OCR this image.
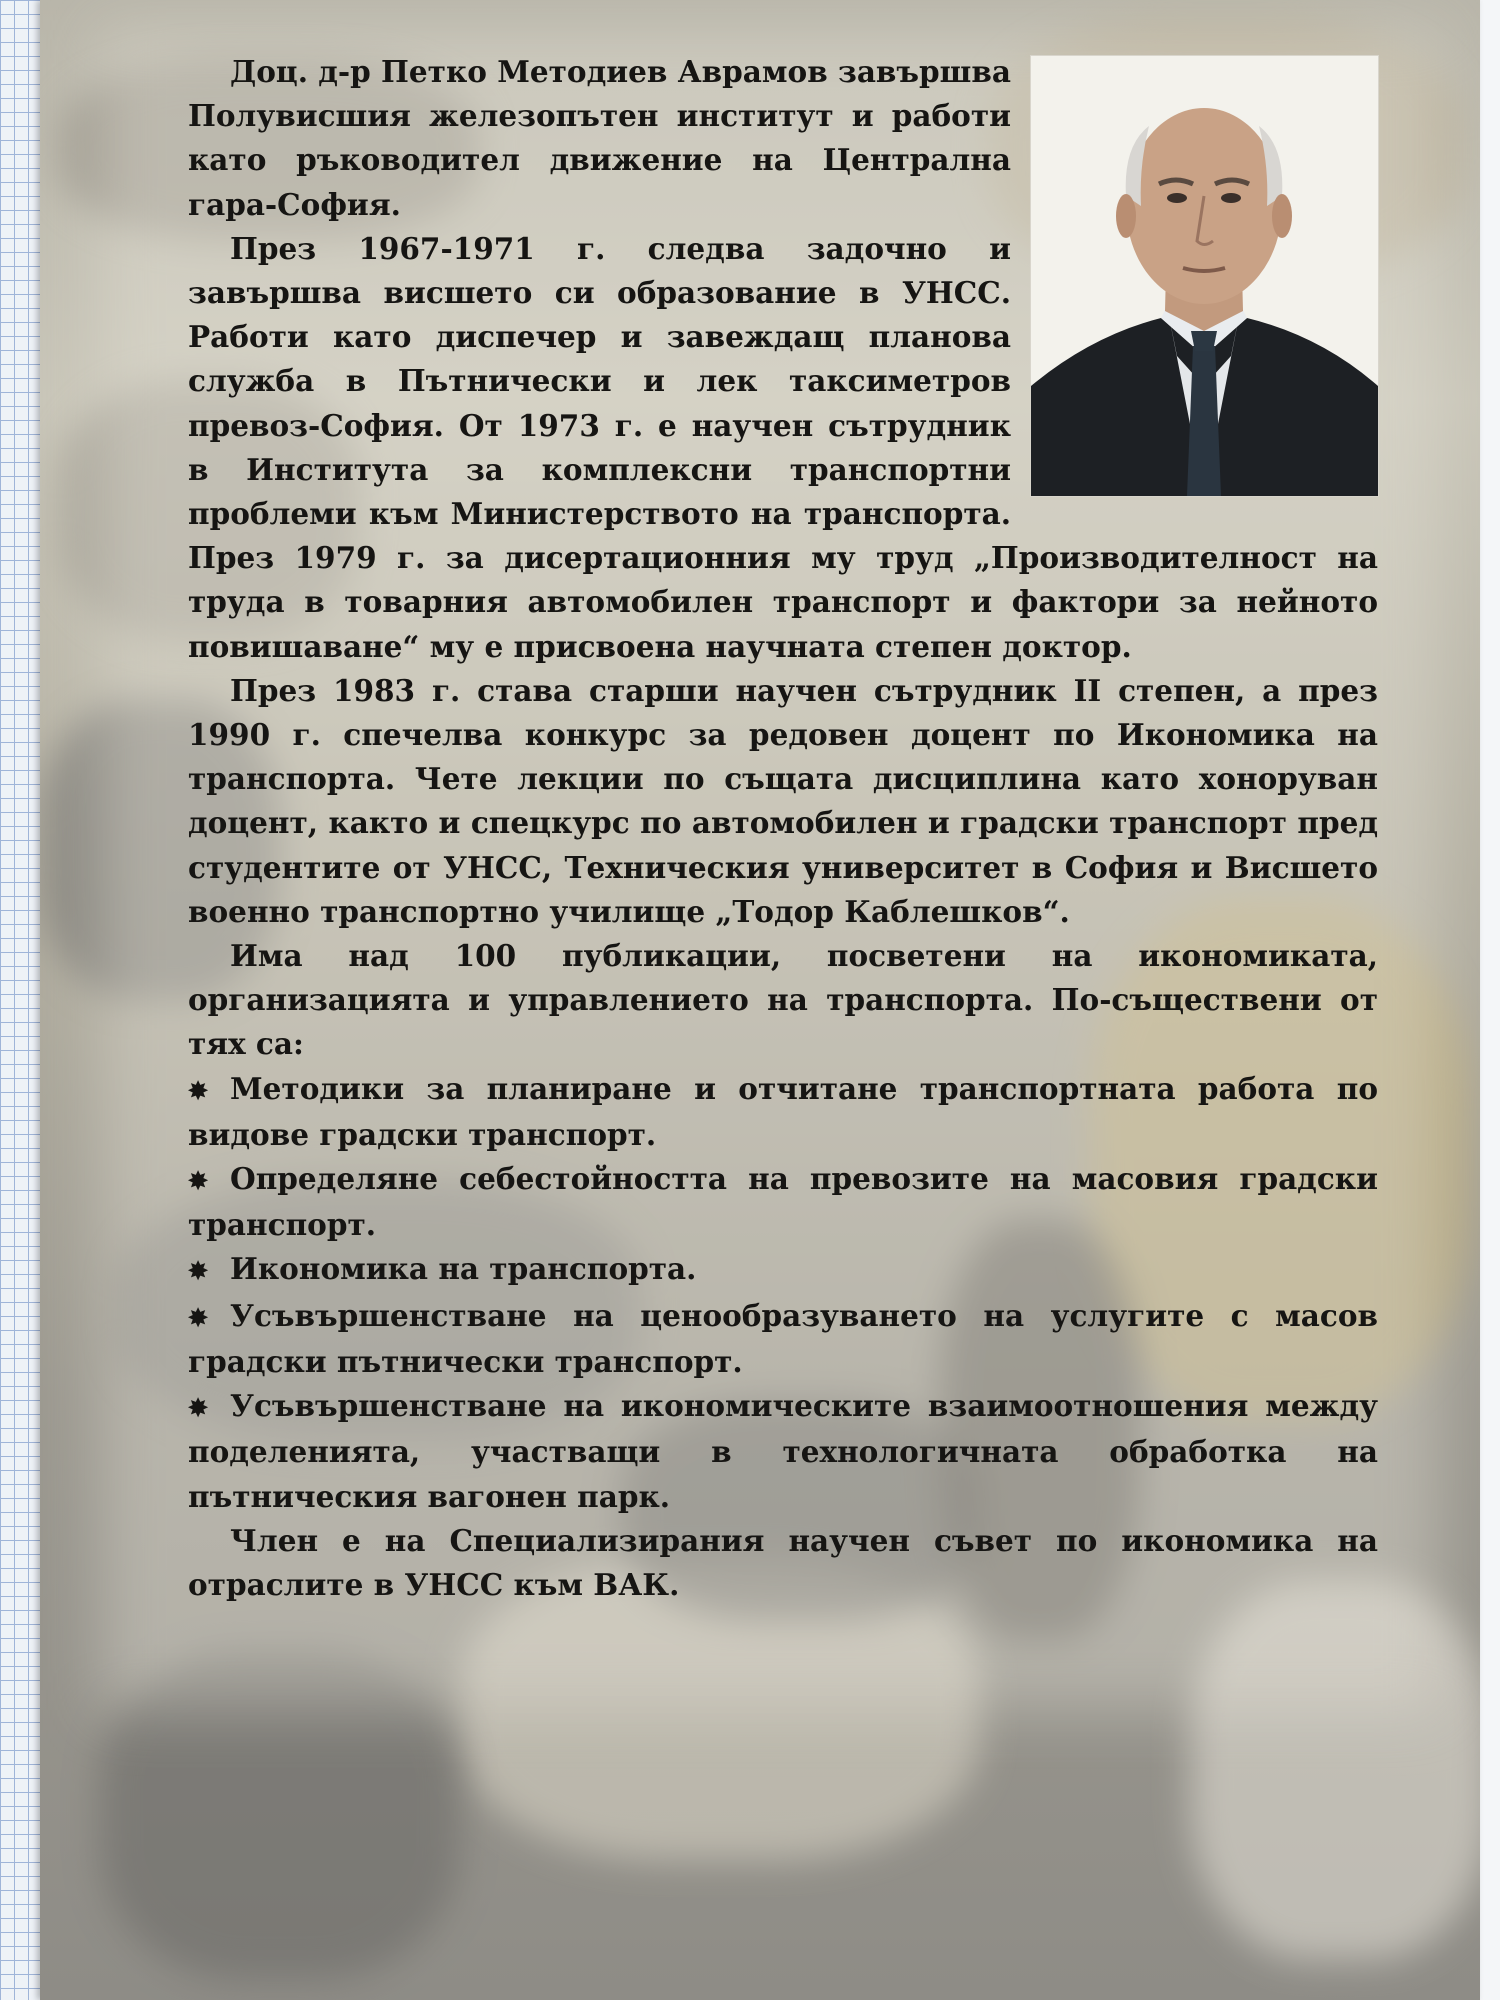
Доц. д-р Петко Методиев Аврамов завършва Полувисшия железопътен институт и работи като ръководител движение на Централна гара-София.

През 1967-1971 г. следва задочно и завършва висшето си образование в УНСС. Работи като диспечер и завеждащ планова служба в Пътнически и лек таксиметров превоз-София. От 1973 г. е научен сътрудник в Института за комплексни транспортни проблеми към Министерството на транспорта. През 1979 г. за дисертационния му труд „Производителност на труда в товарния автомобилен транспорт и фактори за нейното повишаване“ му е присвоена научната степен доктор.

През 1983 г. става старши научен сътрудник II степен, а през 1990 г. спечелва конкурс за редовен доцент по Икономика на транспорта. Чете лекции по същата дисциплина като хоноруван доцент, както и спецкурс по автомобилен и градски транспорт пред студентите от УНСС, Техническия университет в София и Висшето военно транспортно училище „Тодор Каблешков“.

Има над 100 публикации, посветени на икономиката, организацията и управлението на транспорта. По-съществени от тях са:

✸ Методики за планиране и отчитане транспортната работа по видове градски транспорт.

✸ Определяне себестойността на превозите на масовия градски транспорт.

✸ Икономика на транспорта.

✸ Усъвършенстване на ценообразуването на услугите с масов градски пътнически транспорт.

✸ Усъвършенстване на икономическите взаимоотношения между поделенията, участващи в технологичната обработка на пътническия вагонен парк.

Член е на Специализирания научен съвет по икономика на отраслите в УНСС към ВАК.
